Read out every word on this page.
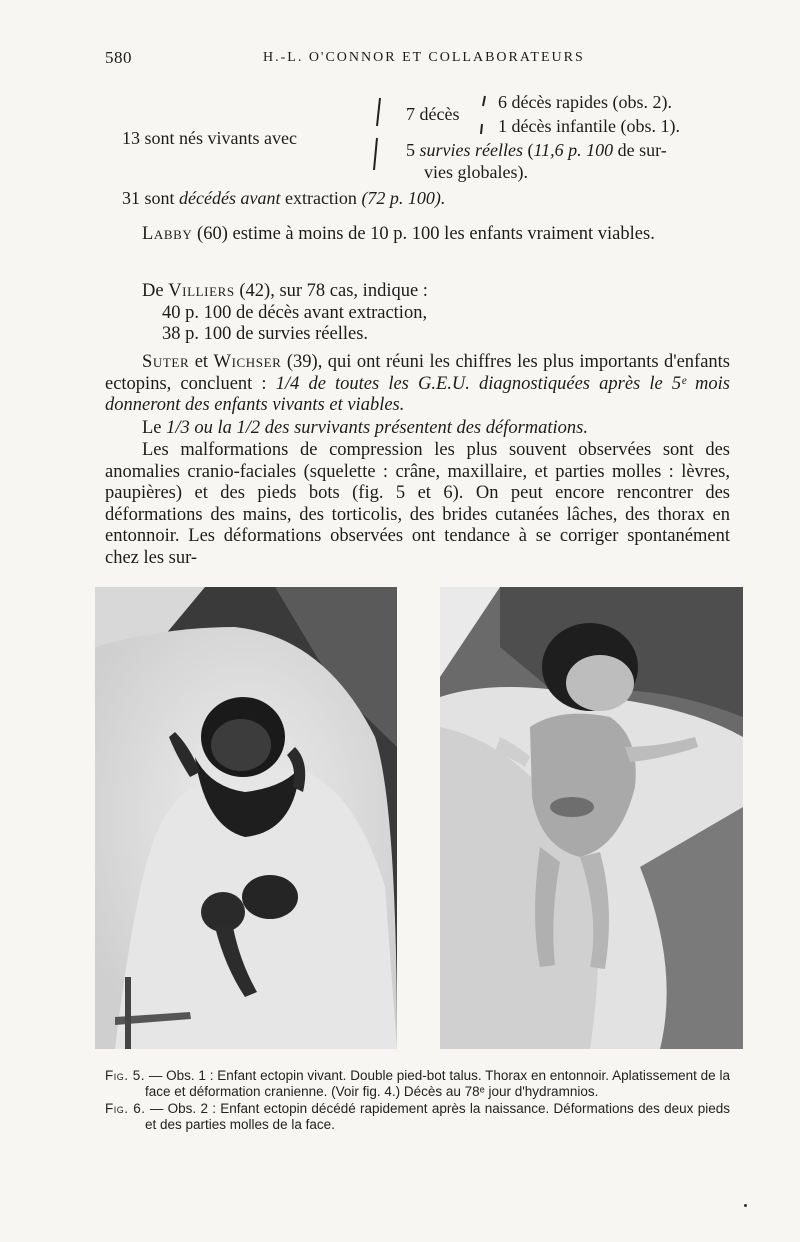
580	H.-L. O'CONNOR ET COLLABORATEURS
6 décès rapides (obs. 2).
1 décès infantile (obs. 1).
7 décès
13 sont nés vivants avec
5 survies réelles (11,6 p. 100 de sur-
vies globales).
31 sont décédés avant extraction (72 p. 100).

Labby (60) estime à moins de 10 p. 100 les enfants vraiment viables.

De Villiers (42), sur 78 cas, indique :

40 p. 100 de décès avant extraction,
38 p. 100 de survies réelles.

Suter et Wichser (39), qui ont réuni les chiffres les plus importants d'enfants ectopins, concluent : 1/4 de toutes les G.E.U. diagnostiquées après le 5ᵉ mois donneront des enfants vivants et viables.

Le 1/3 ou la 1/2 des survivants présentent des déformations.

Les malformations de compression les plus souvent observées sont des anomalies cranio-faciales (squelette : crâne, maxillaire, et parties molles : lèvres, paupières) et des pieds bots (fig. 5 et 6). On peut encore rencontrer des déformations des mains, des torticolis, des brides cutanées lâches, des thorax en entonnoir. Les déformations observées ont tendance à se corriger spontanément chez les sur-

Fig. 5. — Obs. 1 : Enfant ectopin vivant. Double pied-bot talus. Thorax en entonnoir. Aplatissement de la face et déformation cranienne. (Voir fig. 4.) Décès au 78ᵉ jour d'hydramnios.

Fig. 6. — Obs. 2 : Enfant ectopin décédé rapidement après la naissance. Déformations des deux pieds et des parties molles de la face.
